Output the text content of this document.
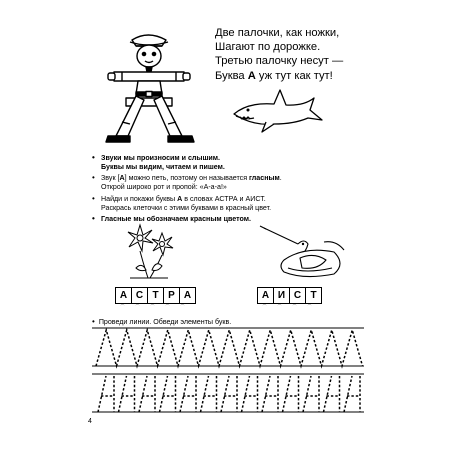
Две палочки, как ножки,
Шагают по дорожке.
Третью палочку несут —
Буква А уж тут как тут!
• Звуки мы произносим и слышим.
Буквы мы видим, читаем и пишем.
• Звук [А] можно петь, поэтому он называется гласным.
Открой широко рот и пропой: «А-а-а!»
• Найди и покажи буквы А в словах АСТРА и АИСТ.
Раскрась клеточки с этими буквами в красный цвет.
• Гласные мы обозначаем красным цветом.
А С Т Р А
⌒	⌒	⌒	⌒	⌒
А И С Т
⌒	⌒	⌒	⌒
• Проведи линии. Обведи элементы букв.
4
